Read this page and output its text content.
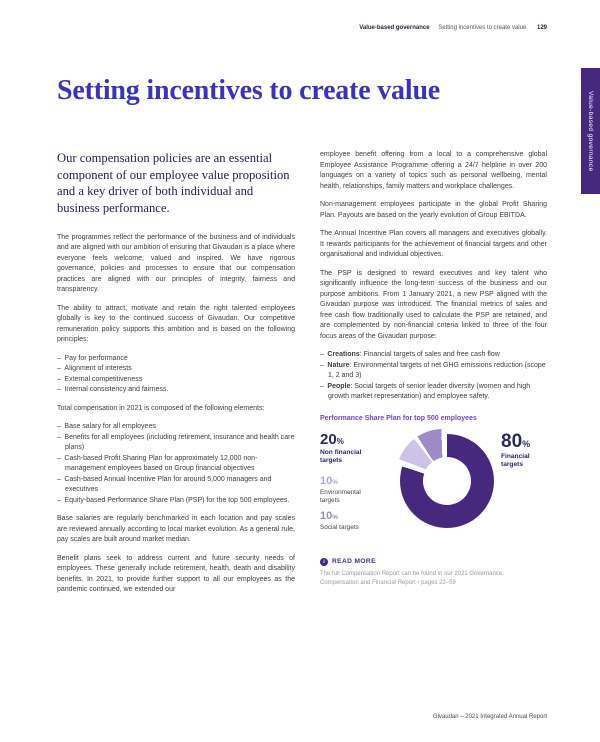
Value-based governance Setting incentives to create value 129
Value-based governance
Setting incentives to create value

Our compensation policies are an essential component of our employee value proposition and a key driver of both individual and business performance.

The programmes reflect the performance of the business and of individuals and are aligned with our ambition of ensuring that Givaudan is a place where everyone feels welcome, valued and inspired. We have rigorous governance, policies and processes to ensure that our compensation practices are aligned with our principles of integrity, fairness and transparency.

The ability to attract, motivate and retain the right talented employees globally is key to the continued success of Givaudan. Our competitive remuneration policy supports this ambition and is based on the following principles:

– Pay for performance
– Alignment of interests
– External competitiveness
– Internal consistency and fairness.

Total compensation in 2021 is composed of the following elements:

– Base salary for all employees
– Benefits for all employees (including retirement, insurance and health care plans)
– Cash-based Profit Sharing Plan for approximately 12,000 non-management employees based on Group financial objectives
– Cash-based Annual Incentive Plan for around 5,000 managers and executives
– Equity-based Performance Share Plan (PSP) for the top 500 employees.

Base salaries are regularly benchmarked in each location and pay scales are reviewed annually according to local market evolution. As a general rule, pay scales are built around market median.

Benefit plans seek to address current and future security needs of employees. These generally include retirement, health, death and disability benefits. In 2021, to provide further support to all our employees as the pandemic continued, we extended our

employee benefit offering from a local to a comprehensive global Employee Assistance Programme offering a 24/7 helpline in over 200 languages on a variety of topics such as personal wellbeing, mental health, relationships, family matters and workplace challenges.

Non-management employees participate in the global Profit Sharing Plan. Payouts are based on the yearly evolution of Group EBITDA.

The Annual Incentive Plan covers all managers and executives globally. It rewards participants for the achievement of financial targets and other organisational and individual objectives.

The PSP is designed to reward executives and key talent who significantly influence the long-term success of the business and our purpose ambitions. From 1 January 2021, a new PSP aligned with the Givaudan purpose was introduced. The financial metrics of sales and free cash flow traditionally used to calculate the PSP are retained, and are complemented by non-financial criteria linked to three of the four focus areas of the Givaudan purpose:

– Creations: Financial targets of sales and free cash flow
– Nature: Environmental targets of net GHG emissions reduction (scope 1, 2 and 3)
– People: Social targets of senior leader diversity (women and high growth market representation) and employee safety.
Performance Share Plan for top 500 employees
20%
Non financial targets
80%
Financial targets
10%
Environmental targets
10%
Social targets
i	READ MORE
The full Compensation Report can be found in our 2021 Governance, Compensation and Financial Report › pages 22–59
Givaudan – 2021 Integrated Annual Report
